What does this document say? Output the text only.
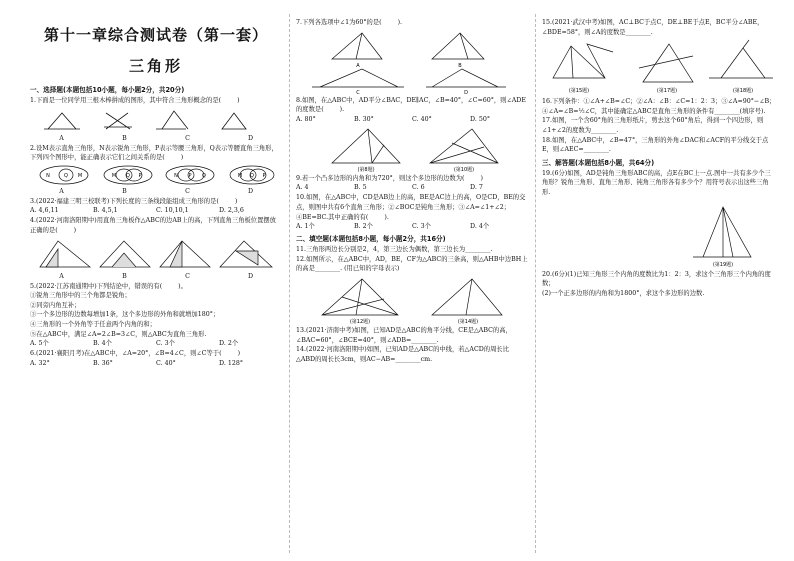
第十一章综合测试卷（第一套）
三角形
一、选择题(本题包括10小题，每小题2分，共20分)

1.下面是一位同学用三根木棒拼成的图形，其中符合三角形概念的是(        )

A	B	C	D

2.设M表示直角三角形，N表示锐角三角形，P表示等腰三角形，Q表示等腰直角三角形，下列四个图形中，能正确表示它们之间关系的是(        )

N	Q M	M Q P	N P Q	M Q P
A	B	C	D

3.(2022·福建三明三校联考)下列长度的三条线段能组成三角形的是(        )

A. 4,6,11	B. 4,5,1	C. 10,10,1	D. 2,3,6

4.(2022·河南洛阳期中)用直角三角板作△ABC的边AB上的高，下列直角三角板位置摆放正确的是(        )

A	B	C	D

5.(2022·江苏南通期中)下列结论中，错误的有(        )。
①锐角三角形中的三个角都是锐角；
②同旁内角互补；
③一个多边形的边数每增加1条，这个多边形的外角和就增加180°；
④三角形的一个外角等于任意两个内角的和；
⑤在△ABC中，满足∠A=2∠B=3∠C，则△ABC为直角三角形.

A. 5个	B. 4个	C. 3个	D. 2个

6.(2021·襄阳月考)在△ABC中，∠A=20°，∠B=4∠C，则∠C等于(        )

A. 32°	B. 36°	C. 40°	D. 128°

7.下列各选项中∠1为60°的是(        ).

A	B
C	D

8.如图，在△ABC中，AD平分∠BAC，DE∥AC，∠B=40°，∠C=60°，则∠ADE的度数是(        ).

A. 80°	B. 30°	C. 40°	D. 50°
(第8题)	(第10题)

9.若一个凸多边形的内角和为720°，则这个多边形的边数为(        )

A. 4	B. 5	C. 6	D. 7

10.如图，在△ABC中，CD是AB边上的高，BE是AC边上的高，O是CD，BE的交点，则图中共有6个直角三角形；②∠BOC是钝角三角形；③∠A=∠1+∠2；④BE=BC.其中正确的有(        ).

A. 1个	B. 2个	C. 3个	D. 4个
二、填空题(本题包括8小题，每小题2分，共16分)

11.三角形两边长分别是2，4，第三边长为偶数，第三边长为________.

12.如图所示，在△ABC中，AD，BE，CF为△ABC的三条高，则△AHB中边BH上的高是________. (用已知的字母表示)

(第12题)	(第14题)

13.(2021·济南中考)如图，已知AD是△ABC的角平分线，CE是△ABC的高，∠BAC=60°，∠BCE=40°，则∠ADB=________.

14.(2022·河南洛阳期中)如图，已知AD是△ABC的中线，若△ACD的周长比△ABD的周长长3cm，则AC−AB=________cm.

15.(2021·武汉中考)如图，AC⊥BC于点C，DE⊥BE于点E，BC平分∠ABE，∠BDE=58°，则∠A的度数是________.

(第15题)	(第17题)	(第18题)

16.下列条件：①∠A+∠B=∠C；②∠A：∠B：∠C=1：2：3；③∠A=90°−∠B；④∠A=∠B=½∠C，其中能确定△ABC是直角三角形的条件有________(填序号).

17.如图，一个含60°角的三角形纸片，剪去这个60°角后，得到一个四边形，则∠1+∠2的度数为________.

18.如图，在△ABC中，∠B=47°，三角形的外角∠DAC和∠ACF的平分线交于点E，则∠AEC=________.

三、解答题(本题包括8小题，共64分)

19.(6分)如图，AD是钝角三角形ABC的高，点E在BC上一点.图中一共有多少个三角形？锐角三角形、直角三角形、钝角三角形各有多少个？用符号表示出这些三角形.

(第19题)

20.(6分)(1)已知三角形三个内角的度数比为1：2：3，求这个三角形三个内角的度数；
(2)一个正多边形的内角和为1800°，求这个多边形的边数.
